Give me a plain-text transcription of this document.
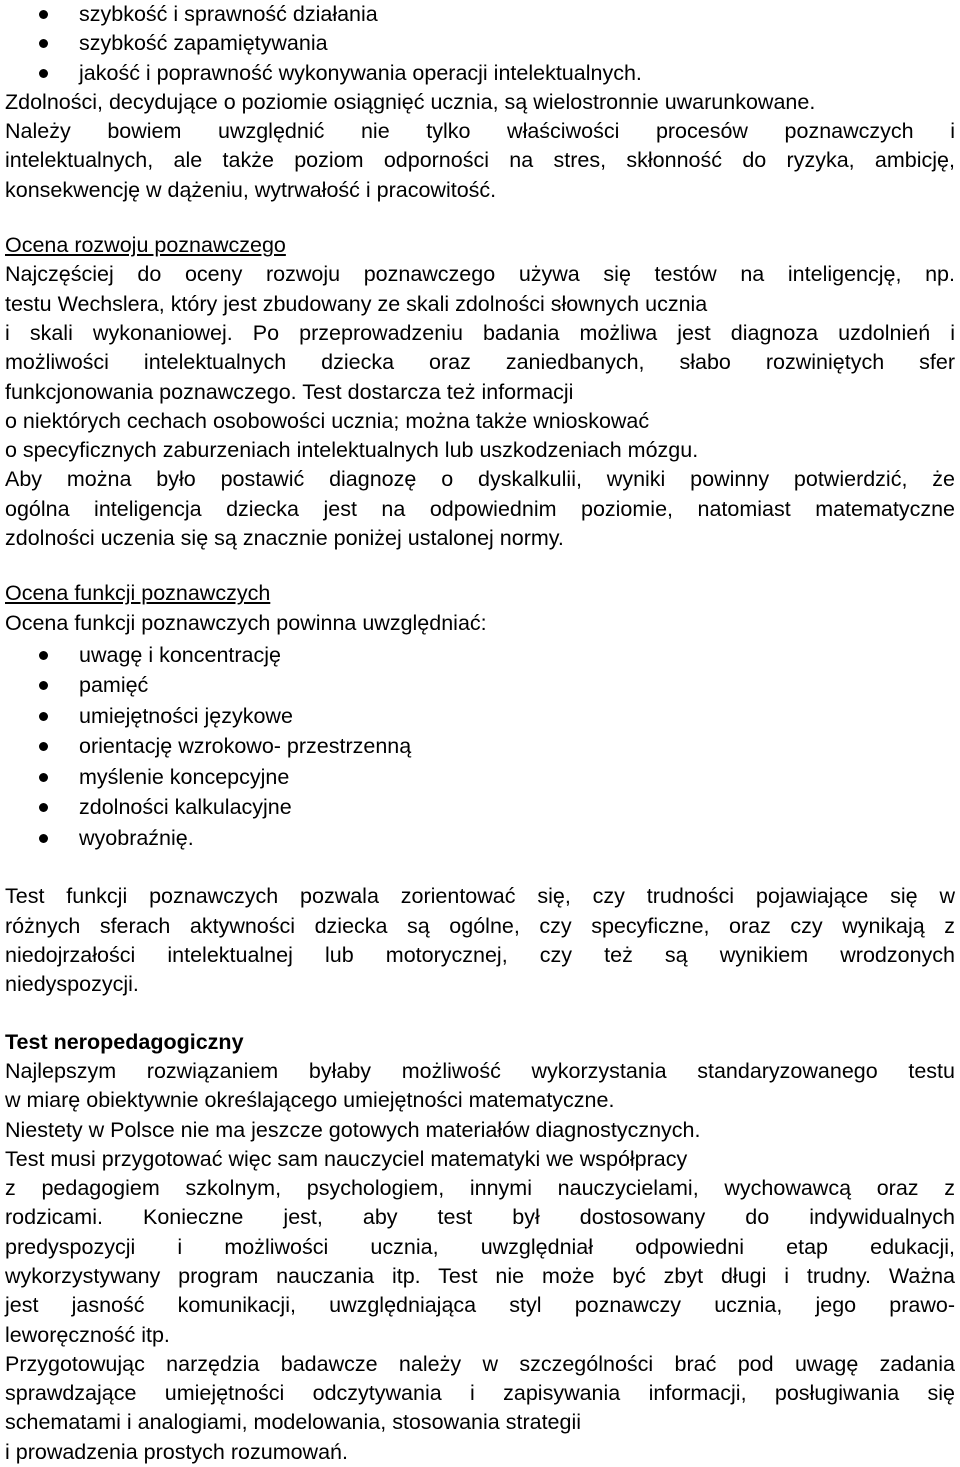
szybkość i sprawność działania
szybkość zapamiętywania
jakość i poprawność wykonywania operacji intelektualnych.
Zdolności, decydujące o poziomie osiągnięć ucznia, są wielostronnie uwarunkowane.
Należy bowiem uwzględnić nie tylko właściwości procesów poznawczych i
intelektualnych, ale także poziom odporności na stres, skłonność do ryzyka, ambicję,
konsekwencję w dążeniu, wytrwałość i pracowitość.
Ocena rozwoju poznawczego
Najczęściej do oceny rozwoju poznawczego używa się testów na inteligencję, np.
testu Wechslera, który jest zbudowany ze skali zdolności słownych ucznia
i skali wykonaniowej. Po przeprowadzeniu badania możliwa jest diagnoza uzdolnień i
możliwości intelektualnych dziecka oraz zaniedbanych, słabo rozwiniętych sfer
funkcjonowania poznawczego. Test dostarcza też informacji
o niektórych cechach osobowości ucznia; można także wnioskować
o specyficznych zaburzeniach intelektualnych lub uszkodzeniach mózgu.
Aby można było postawić diagnozę o dyskalkulii, wyniki powinny potwierdzić, że
ogólna inteligencja dziecka jest na odpowiednim poziomie, natomiast matematyczne
zdolności uczenia się są znacznie poniżej ustalonej normy.
Ocena funkcji poznawczych
Ocena funkcji poznawczych powinna uwzględniać:
uwagę i koncentrację
pamięć
umiejętności językowe
orientację wzrokowo- przestrzenną
myślenie koncepcyjne
zdolności kalkulacyjne
wyobraźnię.
Test funkcji poznawczych pozwala zorientować się, czy trudności pojawiające się w
różnych sferach aktywności dziecka są ogólne, czy specyficzne, oraz czy wynikają z
niedojrzałości intelektualnej lub motorycznej, czy też są wynikiem wrodzonych
niedyspozycji.
Test neropedagogiczny
Najlepszym rozwiązaniem byłaby możliwość wykorzystania standaryzowanego testu
w miarę obiektywnie określającego umiejętności matematyczne.
Niestety w Polsce nie ma jeszcze gotowych materiałów diagnostycznych.
Test musi przygotować więc sam nauczyciel matematyki we współpracy
z pedagogiem szkolnym, psychologiem, innymi nauczycielami, wychowawcą oraz z
rodzicami. Konieczne jest, aby test był dostosowany do indywidualnych
predyspozycji i możliwości ucznia, uwzględniał odpowiedni etap edukacji,
wykorzystywany program nauczania itp. Test nie może być zbyt długi i trudny. Ważna
jest jasność komunikacji, uwzględniająca styl poznawczy ucznia, jego prawo-
leworęczność itp.
Przygotowując narzędzia badawcze należy w szczególności brać pod uwagę zadania
sprawdzające umiejętności odczytywania i zapisywania informacji, posługiwania się
schematami i analogiami, modelowania, stosowania strategii
i prowadzenia prostych rozumowań.
